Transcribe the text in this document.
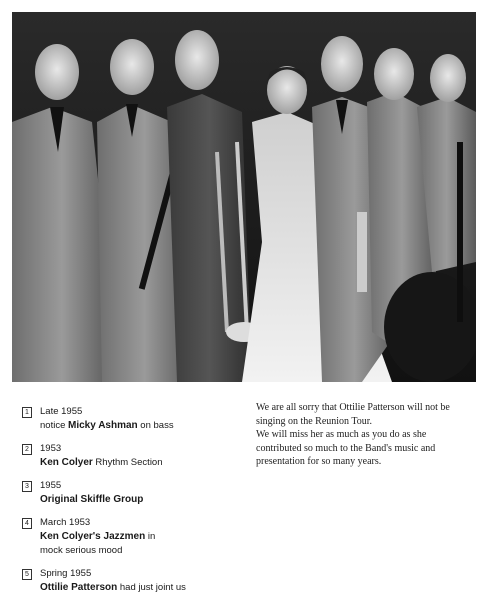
1	Late 1955
notice Micky Ashman on bass
2	1953
Ken Colyer Rhythm Section
3	1955
Original Skiffle Group
4	March 1953
Ken Colyer's Jazzmen in
mock serious mood
5	Spring 1955
Ottilie Patterson had just joint us

We are all sorry that Ottilie Patterson will not be singing on the Reunion Tour.

We will miss her as much as you do as she contributed so much to the Band's music and presentation for so many years.
